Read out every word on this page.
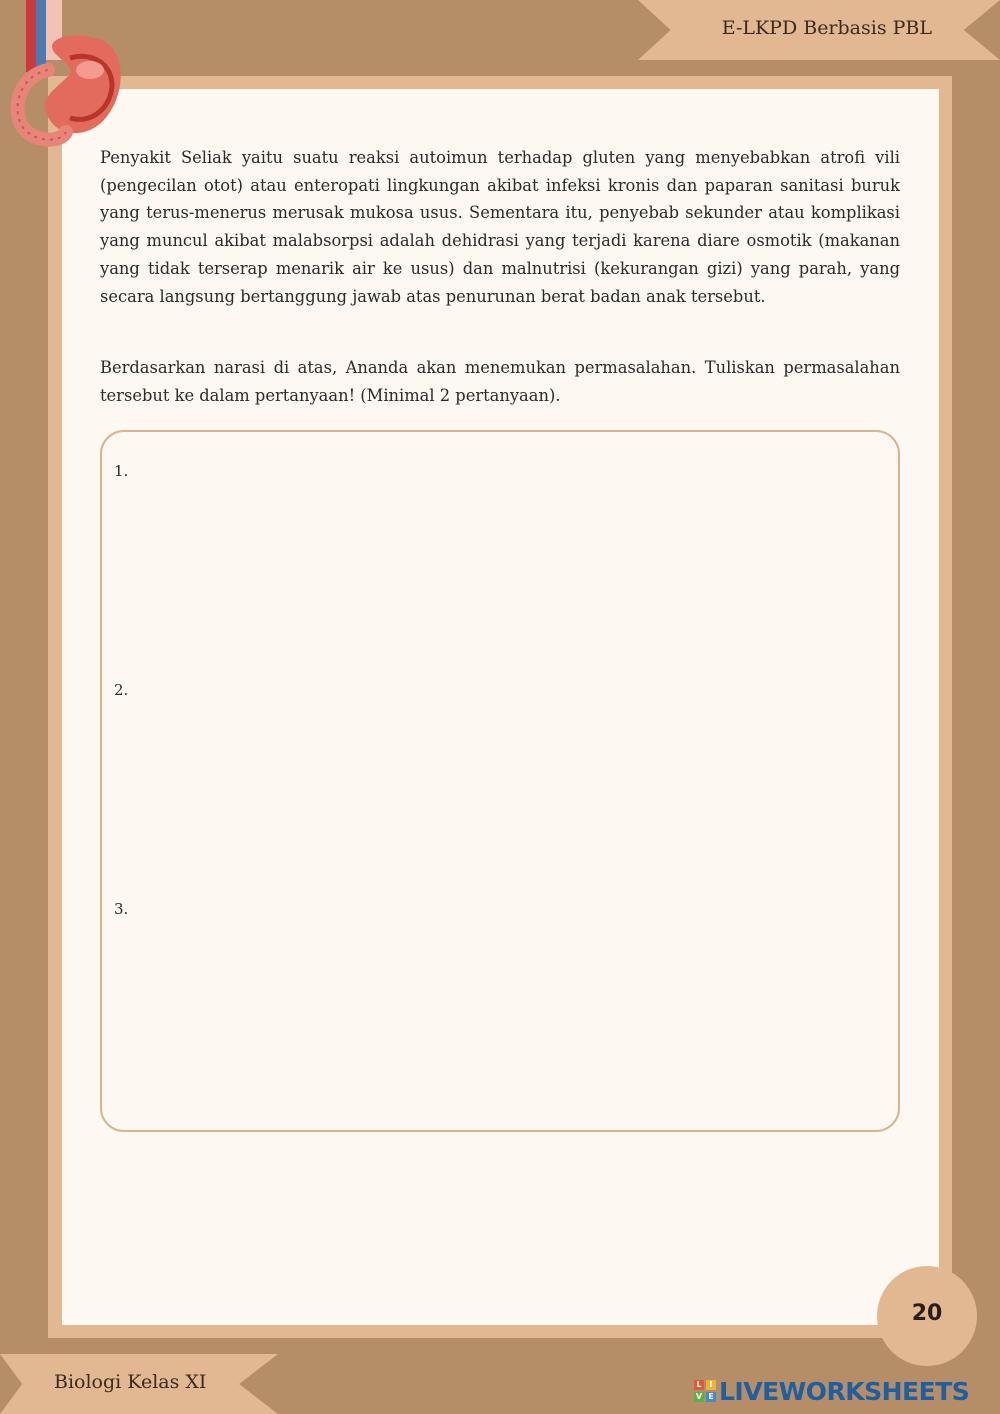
E-LKPD Berbasis PBL
Penyakit Seliak yaitu suatu reaksi autoimun terhadap gluten yang menyebabkan atrofi vili (pengecilan otot) atau enteropati lingkungan akibat infeksi kronis dan paparan sanitasi buruk yang terus-menerus merusak mukosa usus. Sementara itu, penyebab sekunder atau komplikasi yang muncul akibat malabsorpsi adalah dehidrasi yang terjadi karena diare osmotik (makanan yang tidak terserap menarik air ke usus) dan malnutrisi (kekurangan gizi) yang parah, yang secara langsung bertanggung jawab atas penurunan berat badan anak tersebut.
Berdasarkan narasi di atas, Ananda akan menemukan permasalahan. Tuliskan permasalahan tersebut ke dalam pertanyaan! (Minimal 2 pertanyaan).
1.
2.
3.
20
Biologi Kelas XI	L I
V E LIVEWORKSHEETS
